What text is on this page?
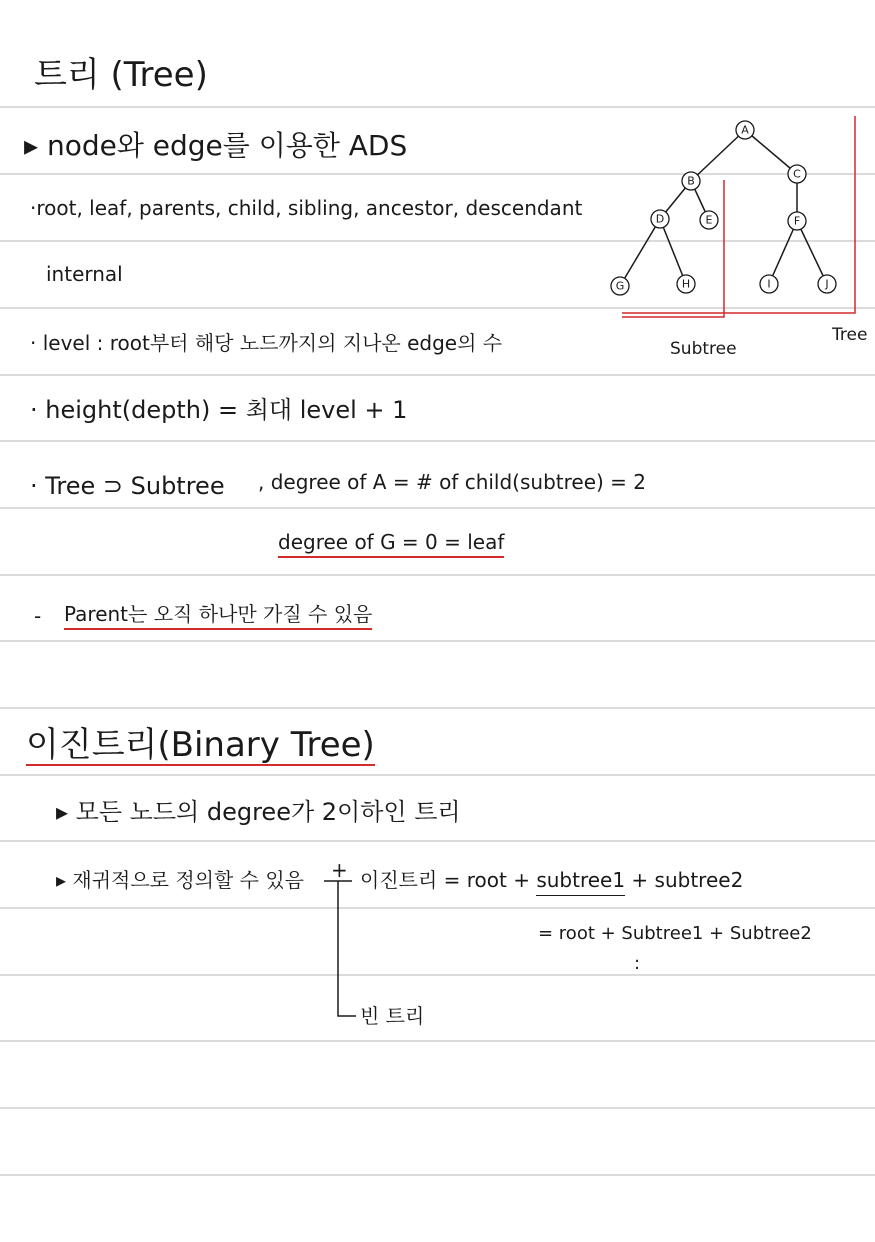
트리 (Tree)
▸ node와 edge를 이용한 ADS
·root, leaf, parents, child, sibling, ancestor, descendant
internal
· level : root부터 해당 노드까지의 지나온 edge의 수
· height(depth) = 최대 level + 1
· Tree ⊃ Subtree , degree of A = # of child(subtree) = 2
degree of G = 0 = leaf
- Parent는 오직 하나만 가질 수 있음
A
B
C
D	E	F
G	H	I	J
Subtree
Tree
이진트리(Binary Tree)
▸ 모든 노드의 degree가 2이하인 트리
▸ 재귀적으로 정의할 수 있음 + 이진트리 = root + subtree1 + subtree2
= root + Subtree1 + Subtree2
:
빈 트리
